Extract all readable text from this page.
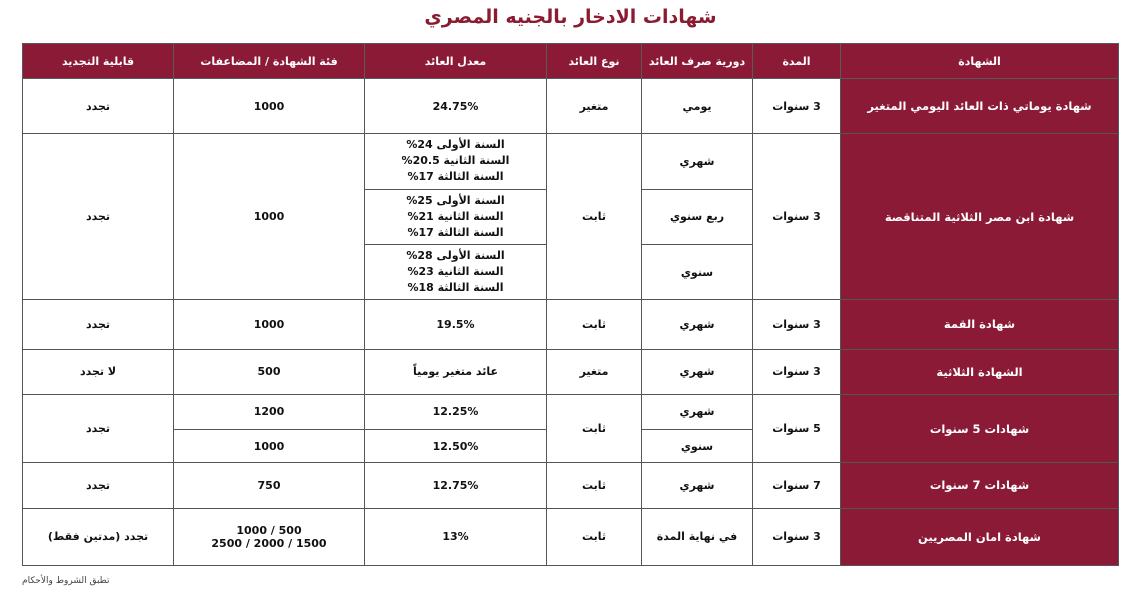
شهادات الادخار بالجنيه المصري
الشهادة	المدة	دورية صرف العائد	نوع العائد	معدل العائد	فئة الشهادة / المضاعفات	قابلية التجديد
شهادة يوماتي ذات العائد اليومي المتغير	3 سنوات	يومي	متغير	24.75%	1000	تجدد
شهادة ابن مصر الثلاثية المتناقصة	3 سنوات	شهري	ثابت	السنة الأولى 24%
السنة الثانية 20.5%
السنة الثالثة 17%	1000	تجدد
		ربع سنوي		السنة الأولى 25%
السنة الثانية 21%
السنة الثالثة 17%		

		سنوي		السنة الأولى 28%
السنة الثانية 23%
السنة الثالثة 18%		

شهادة القمة	3 سنوات	شهري	ثابت	19.5%	1000	تجدد
الشهادة الثلاثية	3 سنوات	شهري	متغير	عائد متغير يومياً	500	لا تجدد
شهادات 5 سنوات	5 سنوات	شهري	ثابت	12.25%	1200	تجدد
		سنوي		12.50%	1000	
شهادات 7 سنوات	7 سنوات	شهري	ثابت	12.75%	750	تجدد
شهادة امان المصريين	3 سنوات	في نهاية المدة	ثابت	13%	1000 / 500
2500 / 2000 / 1500	تجدد (مدتين فقط)
تطبق الشروط والأحكام
